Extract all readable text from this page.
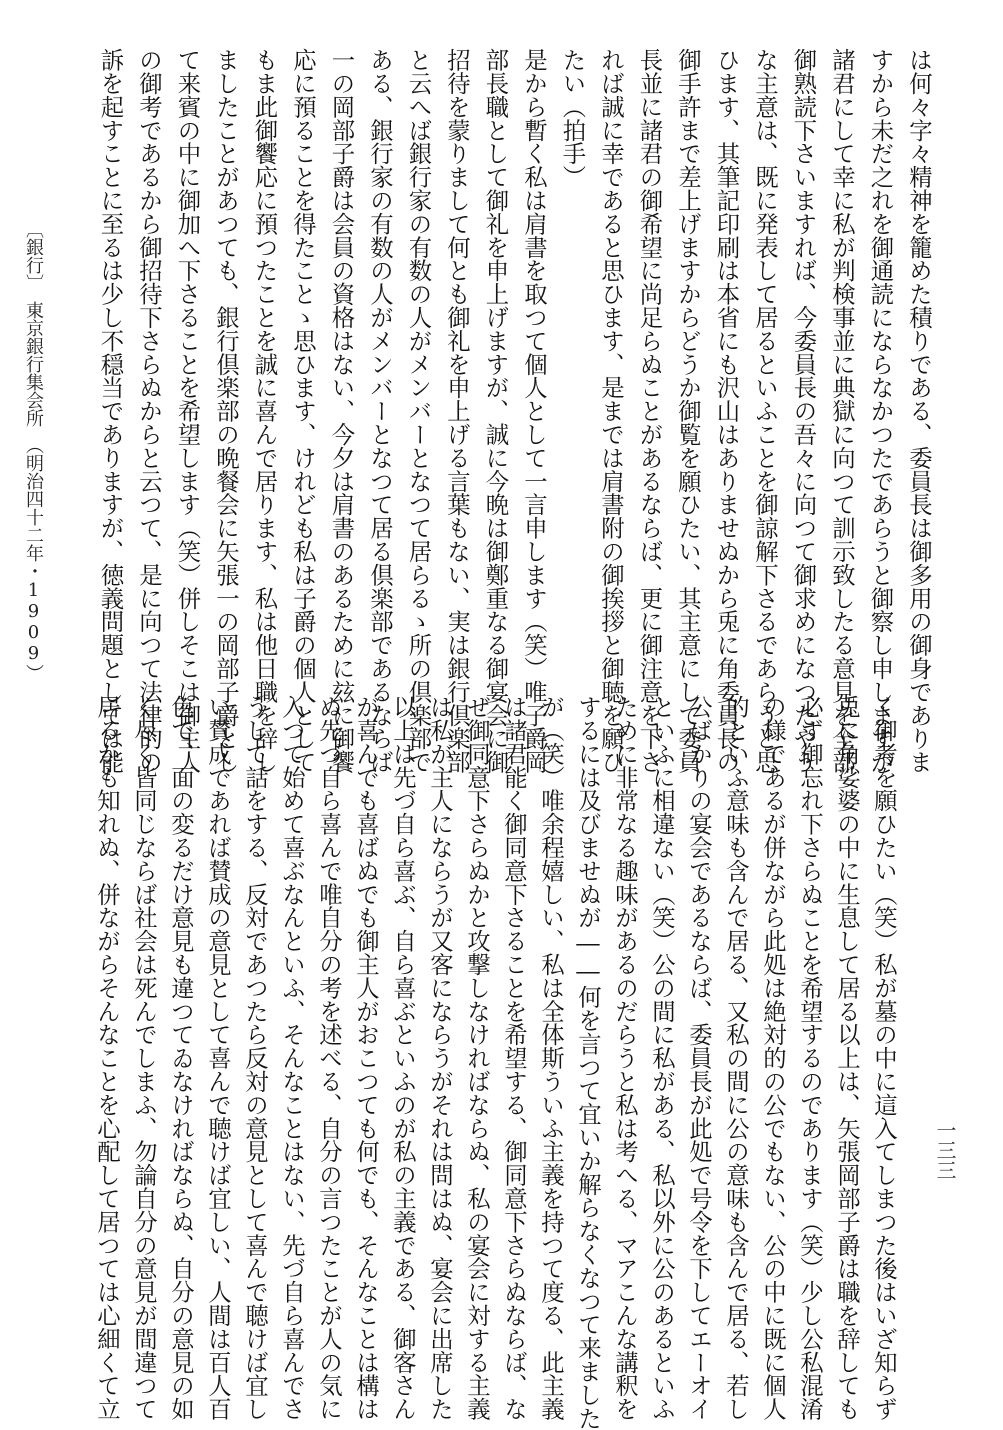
は何々字々精神を籠めた積りである、委員長は御多用の御身でありま
すから未だ之れを御通読にならなかつたであらうと御察し申しますが
諸君にして幸に私が判検事並に典獄に向つて訓示致したる意見を全部
御熟読下さいますれば、今委員長の吾々に向つて御求めになつたやう
な主意は、既に発表して居るといふことを御諒解下さるであらうと思
ひます、其筆記印刷は本省にも沢山はありませぬから兎に角委員長の
御手許まで差上げますからどうか御覧を願ひたい、其主意にして委員
長並に諸君の御希望に尚足らぬことがあるならば、更に御注意を下さ
れば誠に幸であると思ひます、是までは肩書附の御挨拶と御聴を願ひ
たい（拍手）
是から暫く私は肩書を取つて個人として一言申します（笑）唯子爵岡
部長職として御礼を申上げますが、誠に今晩は御鄭重なる御宴会に御
招待を蒙りまして何とも御礼を申上げる言葉もない、実は銀行倶楽部
と云へば銀行家の有数の人がメンバーとなつて居らるゝ所の倶楽部で
ある、銀行家の有数の人がメンバーとなつて居る倶楽部であるならば
一の岡部子爵は会員の資格はない、今夕は肩書のあるために玆に御饗
応に預ることを得たことゝ思ひます、けれども私は子爵の個人として
もま此御饗応に預つたことを誠に喜んで居ります、私は他日職を辞し
ましたことがあつても、銀行倶楽部の晩餐会に矢張一の岡部子爵とし
て来賓の中に御加へ下さることを希望します（笑）併しそこは御主人
の御考であるから御招待下さらぬからと云つて、是に向つて法律的の
訴を起すことに至るは少し不穏当でありますが、徳義問題としては能
く御考を願ひたい（笑）私が墓の中に這入てしまつた後はいざ知らず
兎に角娑婆の中に生息して居る以上は、矢張岡部子爵は職を辞しても
必ず御忘れ下さらぬことを希望するのであります（笑）少し公私混淆
の様であるが併ながら此処は絶対的の公でもない、公の中に既に個人
的といふ意味も含んで居る、又私の間に公の意味も含んで居る、若し
公ばかりの宴会であるならば、委員長が此処で号令を下してエーオイ
といふに相違ない（笑）公の間に私がある、私以外に公のあるといふ
ために非常なる趣味があるのだらうと私は考へる、マアこんな講釈を
するには及びませぬが――何を言つて宜いか解らなくなつて来ました
が（笑）唯余程嬉しい、私は全体斯ういふ主義を持つて度る、此主義
は諸君能く御同意下さることを希望する、御同意下さらぬならば、な
ぜ御同意下さらぬかと攻撃しなければならぬ、私の宴会に対する主義
は私が主人にならうが又客にならうがそれは問はぬ、宴会に出席した
以上は先づ自ら喜ぶ、自ら喜ぶといふのが私の主義である、御客さん
が喜んでも喜ばぬでも御主人がおこつても何でも、そんなことは構は
ぬ先づ自ら喜んで唯自分の考を述べる、自分の言つたことが人の気に
入つて始めて喜ぶなんといふ、そんなことはない、先づ自ら喜んでさ
うして話をする、反対であつたら反対の意見として喜んで聴けば宜し
い賛成であれば賛成の意見として喜んで聴けば宜しい、人間は百人百
色で、面の変るだけ意見も違つてゐなければならぬ、自分の意見の如
く尽く皆同じならば社会は死んでしまふ、勿論自分の意見が間違つて
居るかも知れぬ、併ながらそんなことを心配して居つては心細くて立
〔銀行〕　東京銀行集会所　（明治四十二年・1909）
一三三
